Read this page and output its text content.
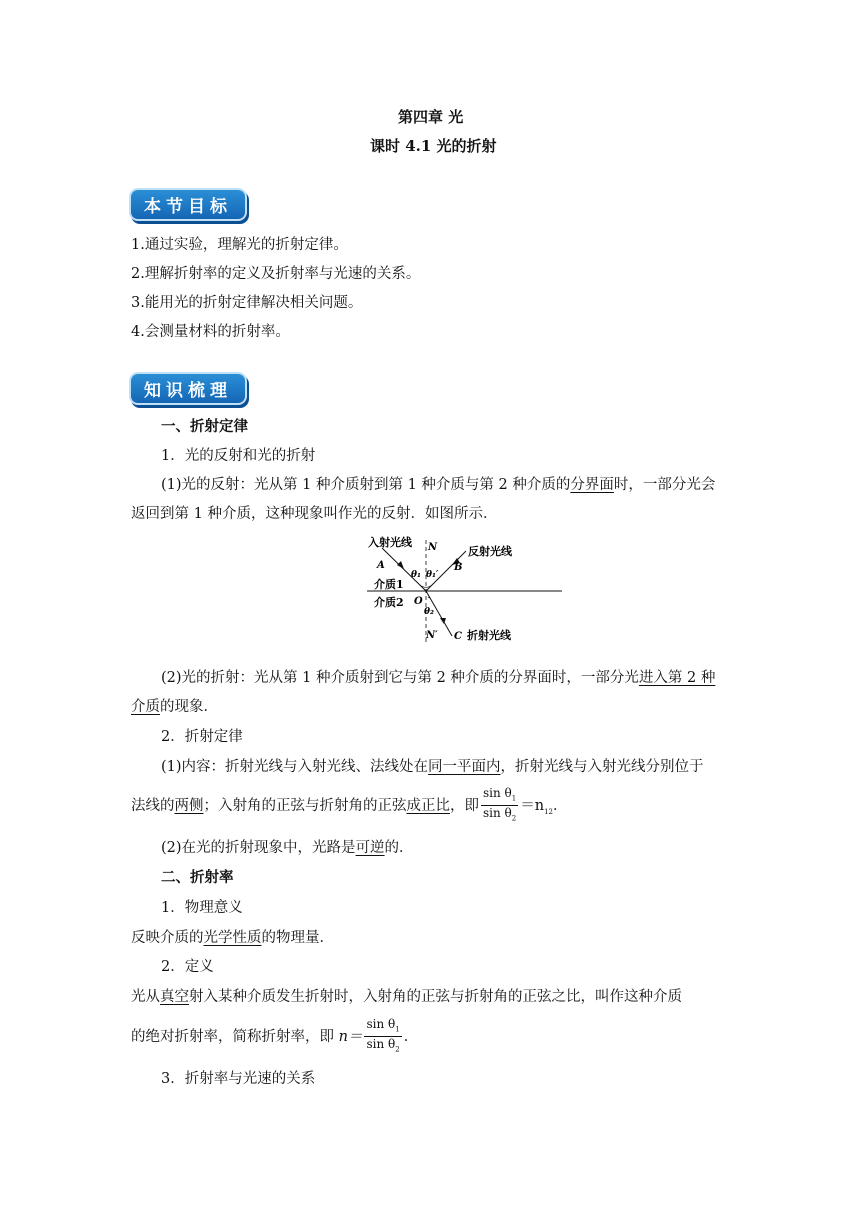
第四章 光
课时 4.1 光的折射
本节目标
1.通过实验，理解光的折射定律。
2.理解折射率的定义及折射率与光速的关系。
3.能用光的折射定律解决相关问题。
4.会测量材料的折射率。
知识梳理
一、折射定律
1．光的反射和光的折射
(1)光的反射：光从第 1 种介质射到第 1 种介质与第 2 种介质的分界面时，一部分光会
返回到第 1 种介质，这种现象叫作光的反射．如图所示．
入射光线 N	反射光线
A	B
θ₁ θ₁′
介质1
介质2 O
θ₂
N′ C 折射光线
(2)光的折射：光从第 1 种介质射到它与第 2 种介质的分界面时，一部分光进入第 2 种
介质的现象．
2．折射定律
(1)内容：折射光线与入射光线、法线处在同一平面内，折射光线与入射光线分别位于
法线的两侧；入射角的正弦与折射角的正弦成正比，即 $\frac{\sin \theta_1}{\sin \theta_2} =n_{12}$．
(2)在光的折射现象中，光路是可逆的．
二、折射率
1．物理意义
反映介质的光学性质的物理量．
2．定义
光从真空射入某种介质发生折射时，入射角的正弦与折射角的正弦之比，叫作这种介质
的绝对折射率，简称折射率，即 $n= \frac{\sin \theta_1}{\sin \theta_2}$ ．
3．折射率与光速的关系
